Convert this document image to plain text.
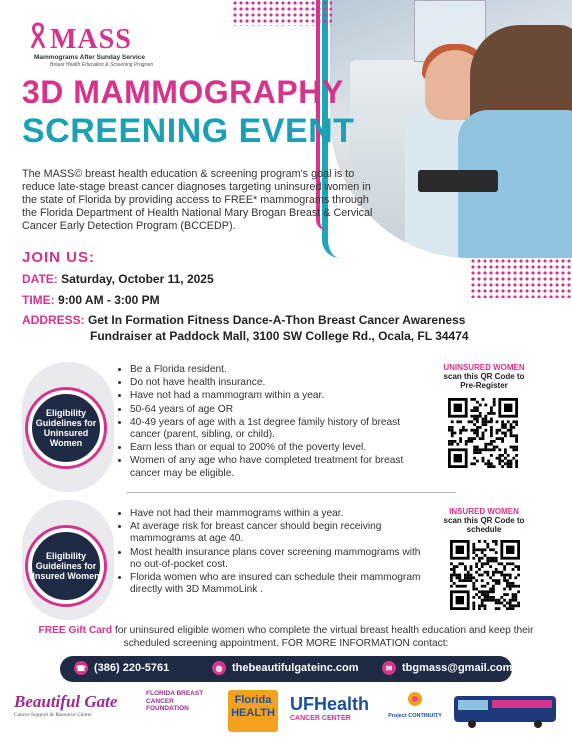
MASS
Mammograms After Sunday Service
Breast Health Education & Screening Program
3D MAMMOGRAPHY
SCREENING EVENT
The MASS© breast health education & screening program's goal is to reduce late-stage breast cancer diagnoses targeting uninsured women in the state of Florida by providing access to FREE* mammograms through the Florida Department of Health National Mary Brogan Breast & Cervical Cancer Early Detection Program (BCCEDP).
JOIN US:
DATE: Saturday, October 11, 2025
TIME: 9:00 AM - 3:00 PM
ADDRESS: Get In Formation Fitness Dance-A-Thon Breast Cancer Awareness
Fundraiser at Paddock Mall, 3100 SW College Rd., Ocala, FL 34474
Eligibility Guidelines for Uninsured Women
• Be a Florida resident.
• Do not have health insurance.
• Have not had a mammogram within a year.
• 50-64 years of age OR
• 40-49 years of age with a 1st degree family history of breast cancer (parent, sibling, or child).
• Earn less than or equal to 200% of the poverty level.
• Women of any age who have completed treatment for breast cancer may be eligible.
UNINSURED WOMEN
scan this QR Code to Pre-Register
Eligibility Guidelines for Insured Women
• Have not had their mammograms within a year.
• At average risk for breast cancer should begin receiving mammograms at age 40.
• Most health insurance plans cover screening mammograms with no out-of-pocket cost.
• Florida women who are insured can schedule their mammogram directly with 3D MammoLink .
INSURED WOMEN
scan this QR Code to schedule
FREE Gift Card for uninsured eligible women who complete the virtual breast health education and keep their scheduled screening appointment. FOR MORE INFORMATION contact:
☎ (386) 220-5761	◍ thebeautifulgateinc.com	✉ tbgmass@gmail.com
Beautiful Gate
Cancer Support & Resource Center
FLORIDA BREAST CANCER FOUNDATION
Florida HEALTH UFHealth
CANCER CENTER	Project CONTINUITY
